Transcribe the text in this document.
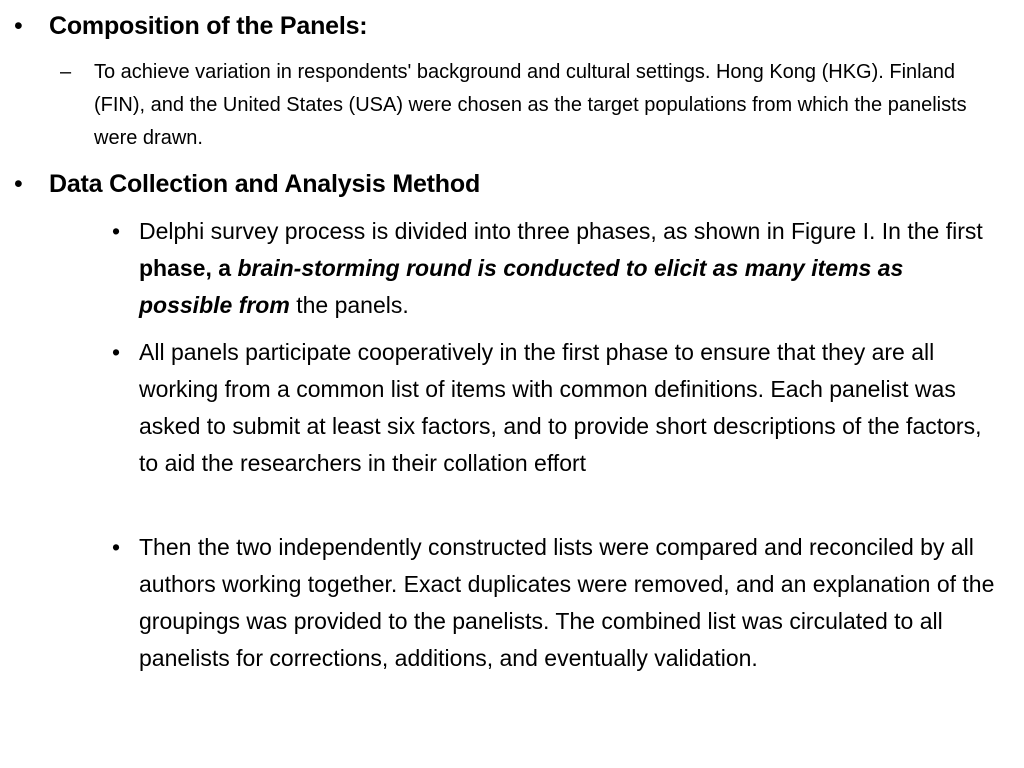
•	Composition of the Panels:
–	To achieve variation in respondents' background and cultural settings. Hong Kong (HKG). Finland (FIN), and the United States (USA) were chosen as the target populations from which the panelists were drawn.
•	Data Collection and Analysis Method
• Delphi survey process is divided into three phases, as shown in Figure I. In the first phase, a brain-storming round is conducted to elicit as many items as possible from the panels.
• All panels participate cooperatively in the first phase to ensure that they are all working from a common list of items with common definitions. Each panelist was asked to submit at least six factors, and to provide short descriptions of the factors, to aid the researchers in their collation effort
• Then the two independently constructed lists were compared and reconciled by all authors working together. Exact duplicates were removed, and an explanation of the groupings was provided to the panelists. The combined list was circulated to all panelists for corrections, additions, and eventually validation.
